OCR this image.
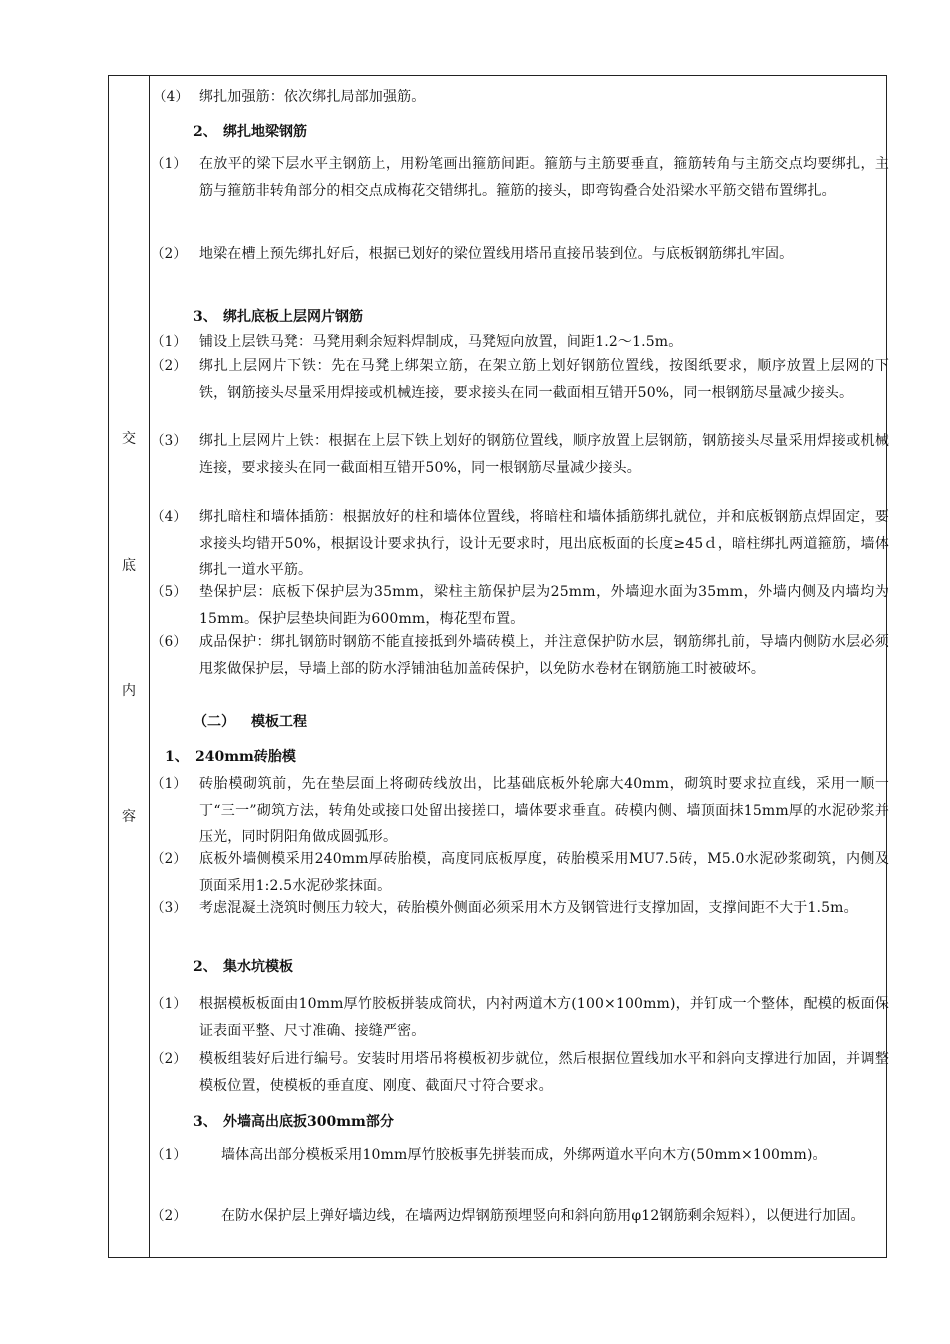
交
底
内
容
（4） 绑扎加强筋：依次绑扎局部加强筋。
2、 绑扎地梁钢筋
（1） 在放平的梁下层水平主钢筋上，用粉笔画出箍筋间距。箍筋与主筋要垂直，箍筋转角与主筋交点均要绑扎，主筋与箍筋非转角部分的相交点成梅花交错绑扎。箍筋的接头，即弯钩叠合处沿梁水平筋交错布置绑扎。
（2） 地梁在槽上预先绑扎好后，根据已划好的梁位置线用塔吊直接吊装到位。与底板钢筋绑扎牢固。
3、 绑扎底板上层网片钢筋
（1） 铺设上层铁马凳：马凳用剩余短料焊制成，马凳短向放置，间距1.2～1.5m。
（2） 绑扎上层网片下铁：先在马凳上绑架立筋，在架立筋上划好钢筋位置线，按图纸要求，顺序放置上层网的下铁，钢筋接头尽量采用焊接或机械连接，要求接头在同一截面相互错开50%，同一根钢筋尽量减少接头。
（3） 绑扎上层网片上铁：根据在上层下铁上划好的钢筋位置线，顺序放置上层钢筋，钢筋接头尽量采用焊接或机械连接，要求接头在同一截面相互错开50%，同一根钢筋尽量减少接头。
（4） 绑扎暗柱和墙体插筋：根据放好的柱和墙体位置线，将暗柱和墙体插筋绑扎就位，并和底板钢筋点焊固定，要求接头均错开50%，根据设计要求执行，设计无要求时，甩出底板面的长度≥45ｄ，暗柱绑扎两道箍筋，墙体绑扎一道水平筋。
（5） 垫保护层：底板下保护层为35mm，梁柱主筋保护层为25mm，外墙迎水面为35mm，外墙内侧及内墙均为15mm。保护层垫块间距为600mm，梅花型布置。
（6） 成品保护：绑扎钢筋时钢筋不能直接抵到外墙砖模上，并注意保护防水层，钢筋绑扎前，导墙内侧防水层必须甩浆做保护层，导墙上部的防水浮铺油毡加盖砖保护，以免防水卷材在钢筋施工时被破坏。
（二） 模板工程
1、 240mm砖胎模
（1） 砖胎模砌筑前，先在垫层面上将砌砖线放出，比基础底板外轮廓大40mm，砌筑时要求拉直线，采用一顺一丁“三一”砌筑方法，转角处或接口处留出接搓口，墙体要求垂直。砖模内侧、墙顶面抹15mm厚的水泥砂浆并压光，同时阴阳角做成圆弧形。
（2） 底板外墙侧模采用240mm厚砖胎模，高度同底板厚度，砖胎模采用MU7.5砖，M5.0水泥砂浆砌筑，内侧及顶面采用1:2.5水泥砂浆抹面。
（3） 考虑混凝土浇筑时侧压力较大，砖胎模外侧面必须采用木方及钢管进行支撑加固，支撑间距不大于1.5m。
2、 集水坑模板
（1） 根据模板板面由10mm厚竹胶板拼装成筒状，内衬两道木方(100×100mm)，并钉成一个整体，配模的板面保证表面平整、尺寸准确、接缝严密。
（2） 模板组装好后进行编号。安装时用塔吊将模板初步就位，然后根据位置线加水平和斜向支撑进行加固，并调整模板位置，使模板的垂直度、刚度、截面尺寸符合要求。
3、 外墙高出底扳300mm部分
（1） 墙体高出部分模板采用10mm厚竹胶板事先拼装而成，外绑两道水平向木方(50mm×100mm)。
（2） 在防水保护层上弹好墙边线，在墙两边焊钢筋预埋竖向和斜向筋用φ12钢筋剩余短料），以便进行加固。
